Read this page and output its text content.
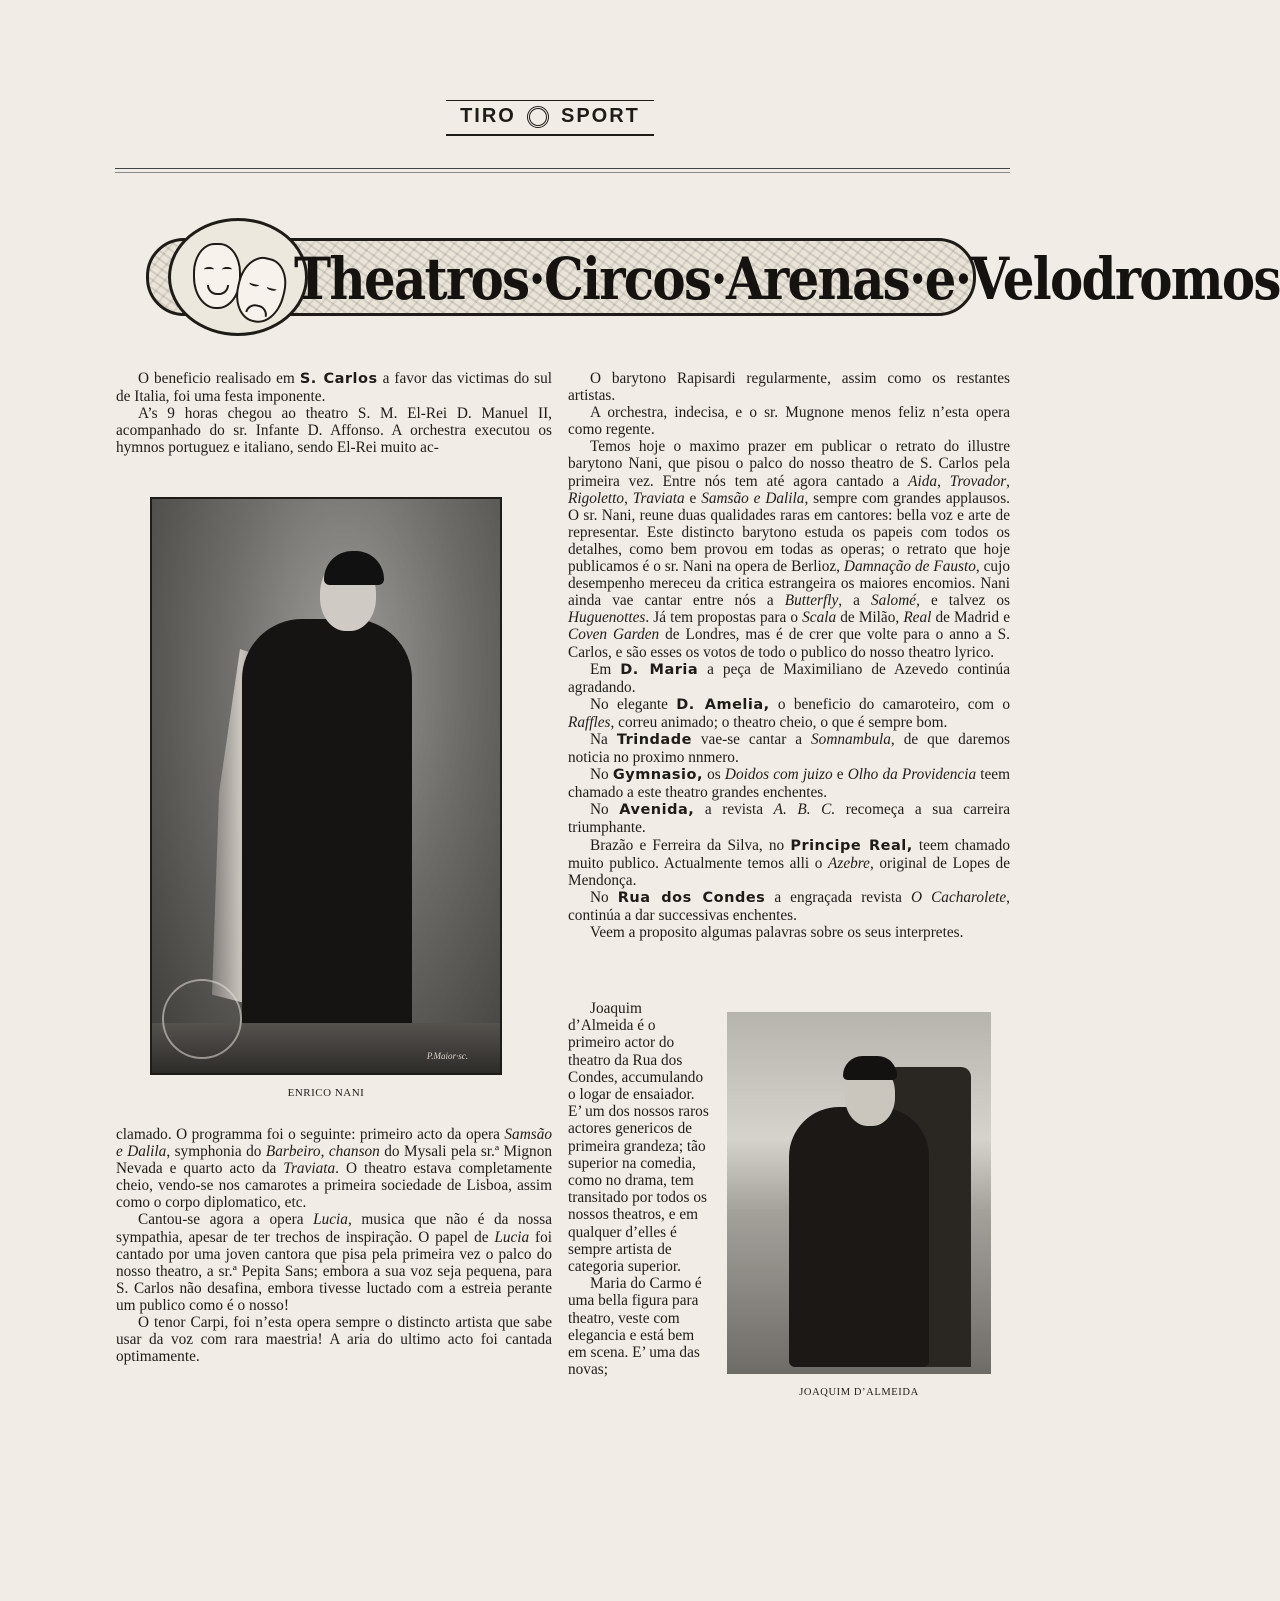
TIRO SPORT
Theatros·Circos·Arenas·e·Velodromos

O beneficio realisado em S. Carlos a favor das victimas do sul de Italia, foi uma festa imponente.

A’s 9 horas chegou ao theatro S. M. El-Rei D. Manuel II, acompanhado do sr. Infante D. Affonso. A orchestra executou os hymnos portuguez e italiano, sendo El-Rei muito ac-

P.Maior·sc.
ENRICO NANI

clamado. O programma foi o seguinte: primeiro acto da opera Samsão e Dalila, symphonia do Barbeiro, chanson do Mysali pela sr.ª Mignon Nevada e quarto acto da Traviata. O theatro estava completamente cheio, vendo-se nos camarotes a primeira sociedade de Lisboa, assim como o corpo diplomatico, etc.

Cantou-se agora a opera Lucia, musica que não é da nossa sympathia, apesar de ter trechos de inspiração. O papel de Lucia foi cantado por uma joven cantora que pisa pela primeira vez o palco do nosso theatro, a sr.ª Pepita Sans; embora a sua voz seja pequena, para S. Carlos não desafina, embora tivesse luctado com a estreia perante um publico como é o nosso!

O tenor Carpi, foi n’esta opera sempre o distincto artista que sabe usar da voz com rara maestria! A aria do ultimo acto foi cantada optimamente.

O barytono Rapisardi regularmente, assim como os restantes artistas.

A orchestra, indecisa, e o sr. Mugnone menos feliz n’esta opera como regente.

Temos hoje o maximo prazer em publicar o retrato do illustre barytono Nani, que pisou o palco do nosso theatro de S. Carlos pela primeira vez. Entre nós tem até agora cantado a Aida, Trovador, Rigoletto, Traviata e Samsão e Dalila, sempre com grandes applausos. O sr. Nani, reune duas qualidades raras em cantores: bella voz e arte de representar. Este distincto barytono estuda os papeis com todos os detalhes, como bem provou em todas as operas; o retrato que hoje publicamos é o sr. Nani na opera de Berlioz, Damnação de Fausto, cujo desempenho mereceu da critica estrangeira os maiores encomios. Nani ainda vae cantar entre nós a Butterfly, a Salomé, e talvez os Huguenottes. Já tem propostas para o Scala de Milão, Real de Madrid e Coven Garden de Londres, mas é de crer que volte para o anno a S. Carlos, e são esses os votos de todo o publico do nosso theatro lyrico.

Em D. Maria a peça de Maximiliano de Azevedo continúa agradando.

No elegante D. Amelia, o beneficio do camaroteiro, com o Raffles, correu animado; o theatro cheio, o que é sempre bom.

Na Trindade vae-se cantar a Somnambula, de que daremos noticia no proximo nnmero.

No Gymnasio, os Doidos com juizo e Olho da Providencia teem chamado a este theatro grandes enchentes.

No Avenida, a revista A. B. C. recomeça a sua carreira triumphante.

Brazão e Ferreira da Silva, no Principe Real, teem chamado muito publico. Actualmente temos alli o Azebre, original de Lopes de Mendonça.

No Rua dos Condes a engraçada revista O Cacharolete, continúa a dar successivas enchentes.

Veem a proposito algumas palavras sobre os seus interpretes.

Joaquim d’Almeida é o primeiro actor do theatro da Rua dos Condes, accumulando o logar de ensaiador. E’ um dos nossos raros actores genericos de primeira grandeza; tão superior na comedia, como no drama, tem transitado por todos os nossos theatros, e em qualquer d’elles é sempre artista de categoria superior.

Maria do Carmo é uma bella figura para theatro, veste com elegancia e está bem em scena. E’ uma das novas;

JOAQUIM D’ALMEIDA
